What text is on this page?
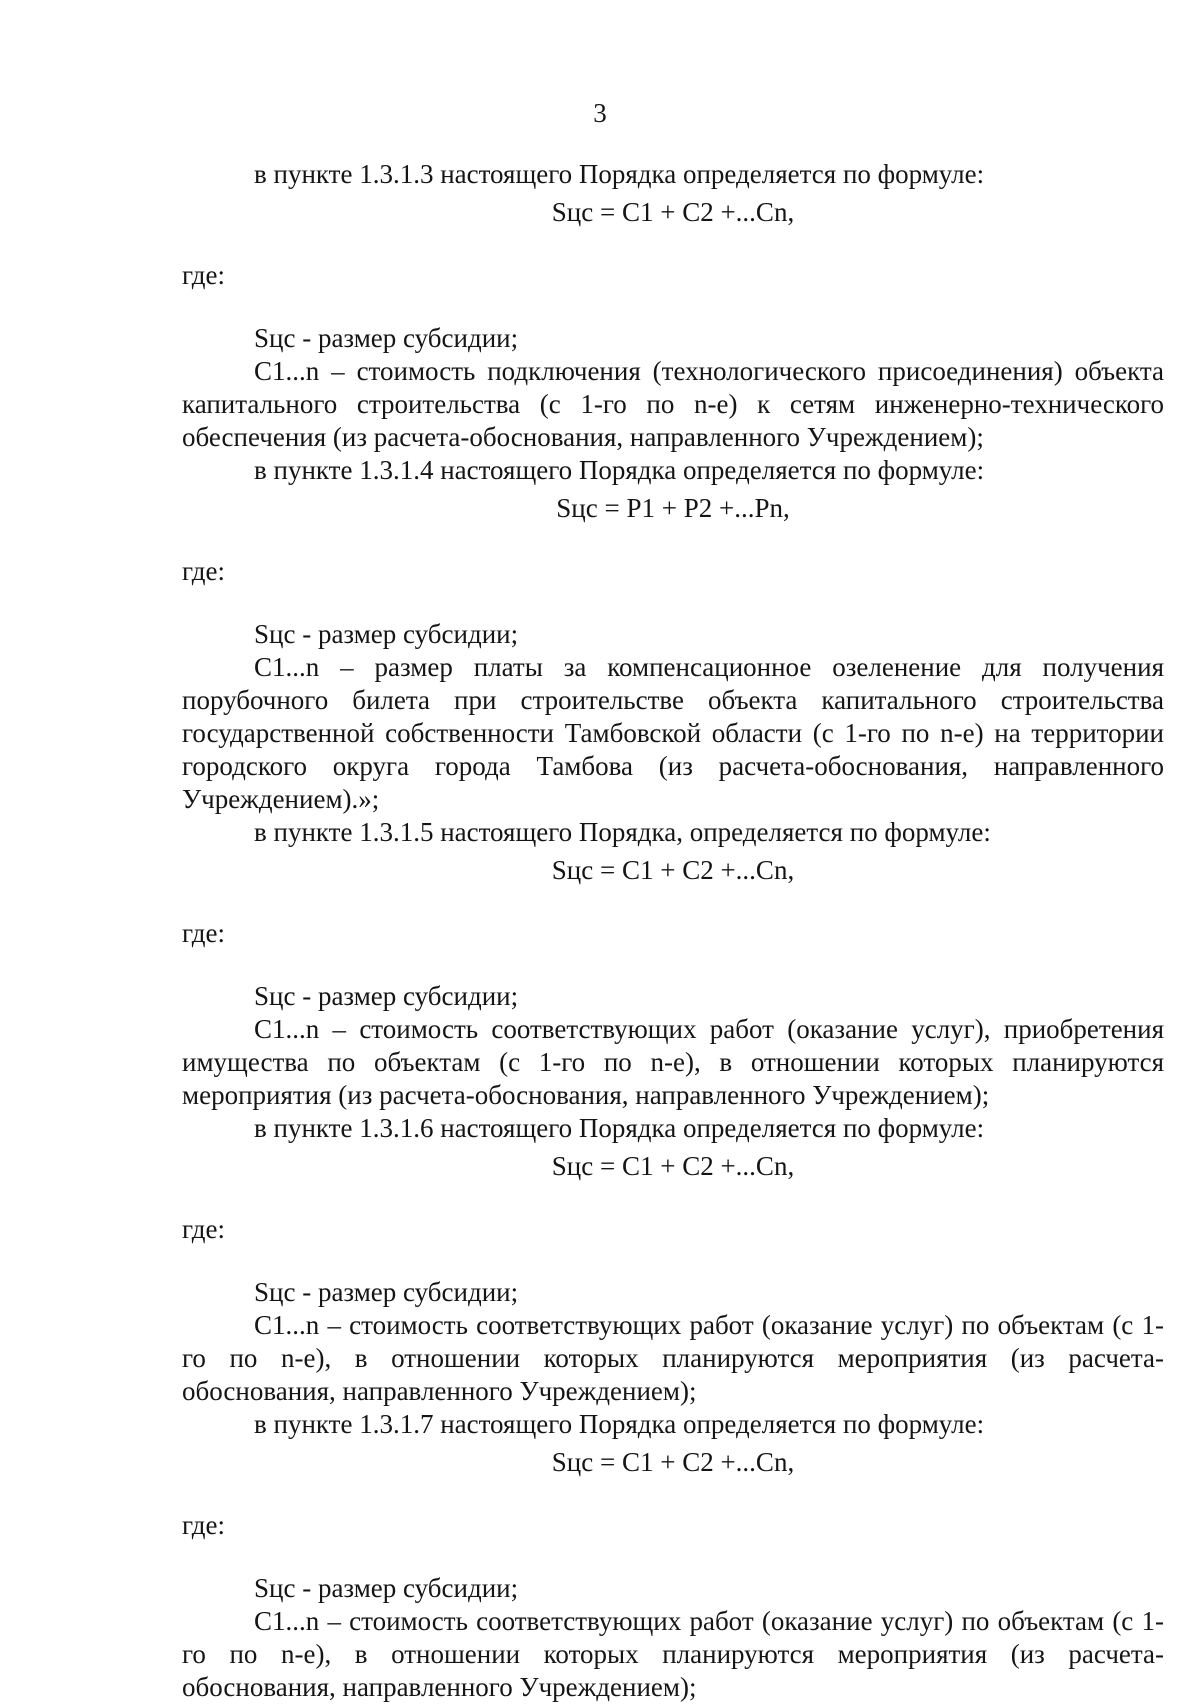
3

в пункте 1.3.1.3 настоящего Порядка определяется по формуле:

Sцс = C1 + C2 +...Cn,

где:

Sцс - размер субсидии;

C1...n – стоимость подключения (технологического присоединения) объекта капитального строительства (с 1-го по n-е) к сетям инженерно-технического обеспечения (из расчета-обоснования, направленного Учреждением);

в пункте 1.3.1.4 настоящего Порядка определяется по формуле:

Sцс = P1 + P2 +...Pn,

где:

Sцс - размер субсидии;

C1...n – размер платы за компенсационное озеленение для получения порубочного билета при строительстве объекта капитального строительства государственной собственности Тамбовской области (с 1-го по n-е) на территории городского округа города Тамбова (из расчета-обоснования, направленного Учреждением).»;

в пункте 1.3.1.5 настоящего Порядка, определяется по формуле:

Sцс = C1 + C2 +...Cn,

где:

Sцс - размер субсидии;

C1...n – стоимость соответствующих работ (оказание услуг), приобретения имущества по объектам (с 1-го по n-е), в отношении которых планируются мероприятия (из расчета-обоснования, направленного Учреждением);

в пункте 1.3.1.6 настоящего Порядка определяется по формуле:

Sцс = C1 + C2 +...Cn,

где:

Sцс - размер субсидии;

C1...n – стоимость соответствующих работ (оказание услуг) по объектам (с 1-го по n-е), в отношении которых планируются мероприятия (из расчета-обоснования, направленного Учреждением);

в пункте 1.3.1.7 настоящего Порядка определяется по формуле:

Sцс = C1 + C2 +...Cn,

где:

Sцс - размер субсидии;

C1...n – стоимость соответствующих работ (оказание услуг) по объектам (с 1-го по n-е), в отношении которых планируются мероприятия (из расчета-обоснования, направленного Учреждением);
